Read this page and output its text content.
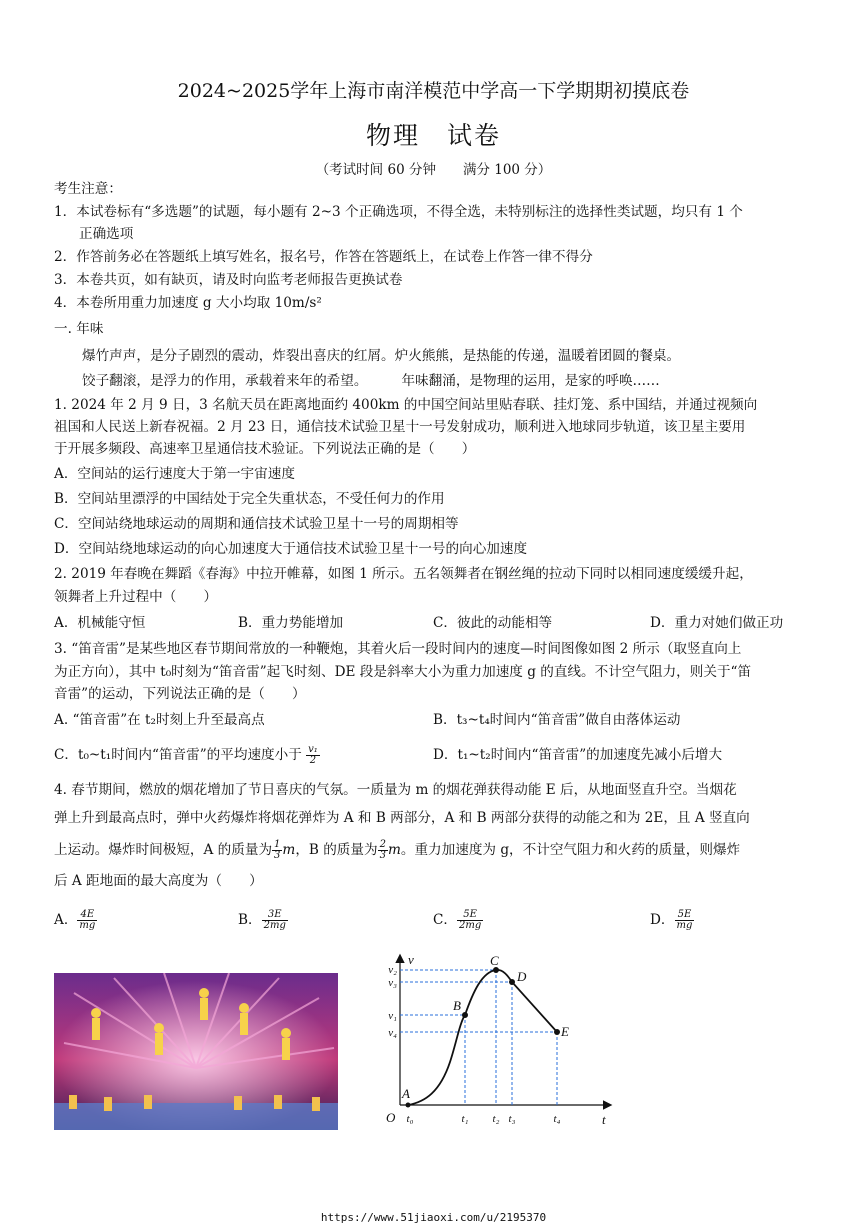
2024~2025学年上海市南洋模范中学高一下学期期初摸底卷
物理　试卷
（考试时间 60 分钟　　满分 100 分）
考生注意：
1．本试卷标有“多选题”的试题，每小题有 2~3 个正确选项，不得全选，未特别标注的选择性类试题，均只有 1 个
正确选项
2．作答前务必在答题纸上填写姓名，报名号，作答在答题纸上，在试卷上作答一律不得分
3．本卷共页，如有缺页，请及时向监考老师报告更换试卷
4．本卷所用重力加速度 g 大小均取 10m/s²
一. 年味
爆竹声声，是分子剧烈的震动，炸裂出喜庆的红屑。炉火熊熊，是热能的传递，温暖着团圆的餐桌。
饺子翻滚，是浮力的作用，承载着来年的希望。　　　年味翻涌，是物理的运用，是家的呼唤……
1. 2024 年 2 月 9 日，3 名航天员在距离地面约 400km 的中国空间站里贴春联、挂灯笼、系中国结，并通过视频向
祖国和人民送上新春祝福。2 月 23 日，通信技术试验卫星十一号发射成功，顺利进入地球同步轨道，该卫星主要用
于开展多频段、高速率卫星通信技术验证。下列说法正确的是（　　）
A．空间站的运行速度大于第一宇宙速度
B．空间站里漂浮的中国结处于完全失重状态，不受任何力的作用
C．空间站绕地球运动的周期和通信技术试验卫星十一号的周期相等
D．空间站绕地球运动的向心加速度大于通信技术试验卫星十一号的向心加速度
2. 2019 年春晚在舞蹈《春海》中拉开帷幕，如图 1 所示。五名领舞者在钢丝绳的拉动下同时以相同速度缓缓升起，
领舞者上升过程中（　　）
A．机械能守恒	B．重力势能增加	C．彼此的动能相等	D．重力对她们做正功
3. “笛音雷”是某些地区春节期间常放的一种鞭炮，其着火后一段时间内的速度—时间图像如图 2 所示（取竖直向上
为正方向），其中 t₀时刻为“笛音雷”起飞时刻、DE 段是斜率大小为重力加速度 g 的直线。不计空气阻力，则关于“笛
音雷”的运动，下列说法正确的是（　　）
A. “笛音雷”在 t₂时刻上升至最高点	B．t₃~t₄时间内“笛音雷”做自由落体运动
C．t₀~t₁时间内“笛音雷”的平均速度小于 $\frac{\text{v₁}}{2}$	D．t₁~t₂时间内“笛音雷”的加速度先减小后增大
4. 春节期间，燃放的烟花增加了节日喜庆的气氛。一质量为 m 的烟花弹获得动能 E 后，从地面竖直升空。当烟花
弹上升到最高点时，弹中火药爆炸将烟花弹炸为 A 和 B 两部分，A 和 B 两部分获得的动能之和为 2E，且 A 竖直向
上运动。爆炸时间极短，A 的质量为 $\frac{1}{3}$ m，B 的质量为 $\frac{2}{3}$ m。重力加速度为 g，不计空气阻力和火药的质量，则爆炸
后 A 距地面的最大高度为（　　）
A． $\frac{4E}{mg}$	B． $\frac{3E}{2mg}$	C． $\frac{5E}{2mg}$	D． $\frac{5E}{mg}$
v
t
O
A
B
C
D
E
v₂
v₃
v₁
v₄
t₀	t₁ t₂ t₃	t₄
https://www.51jiaoxi.com/u/2195370
